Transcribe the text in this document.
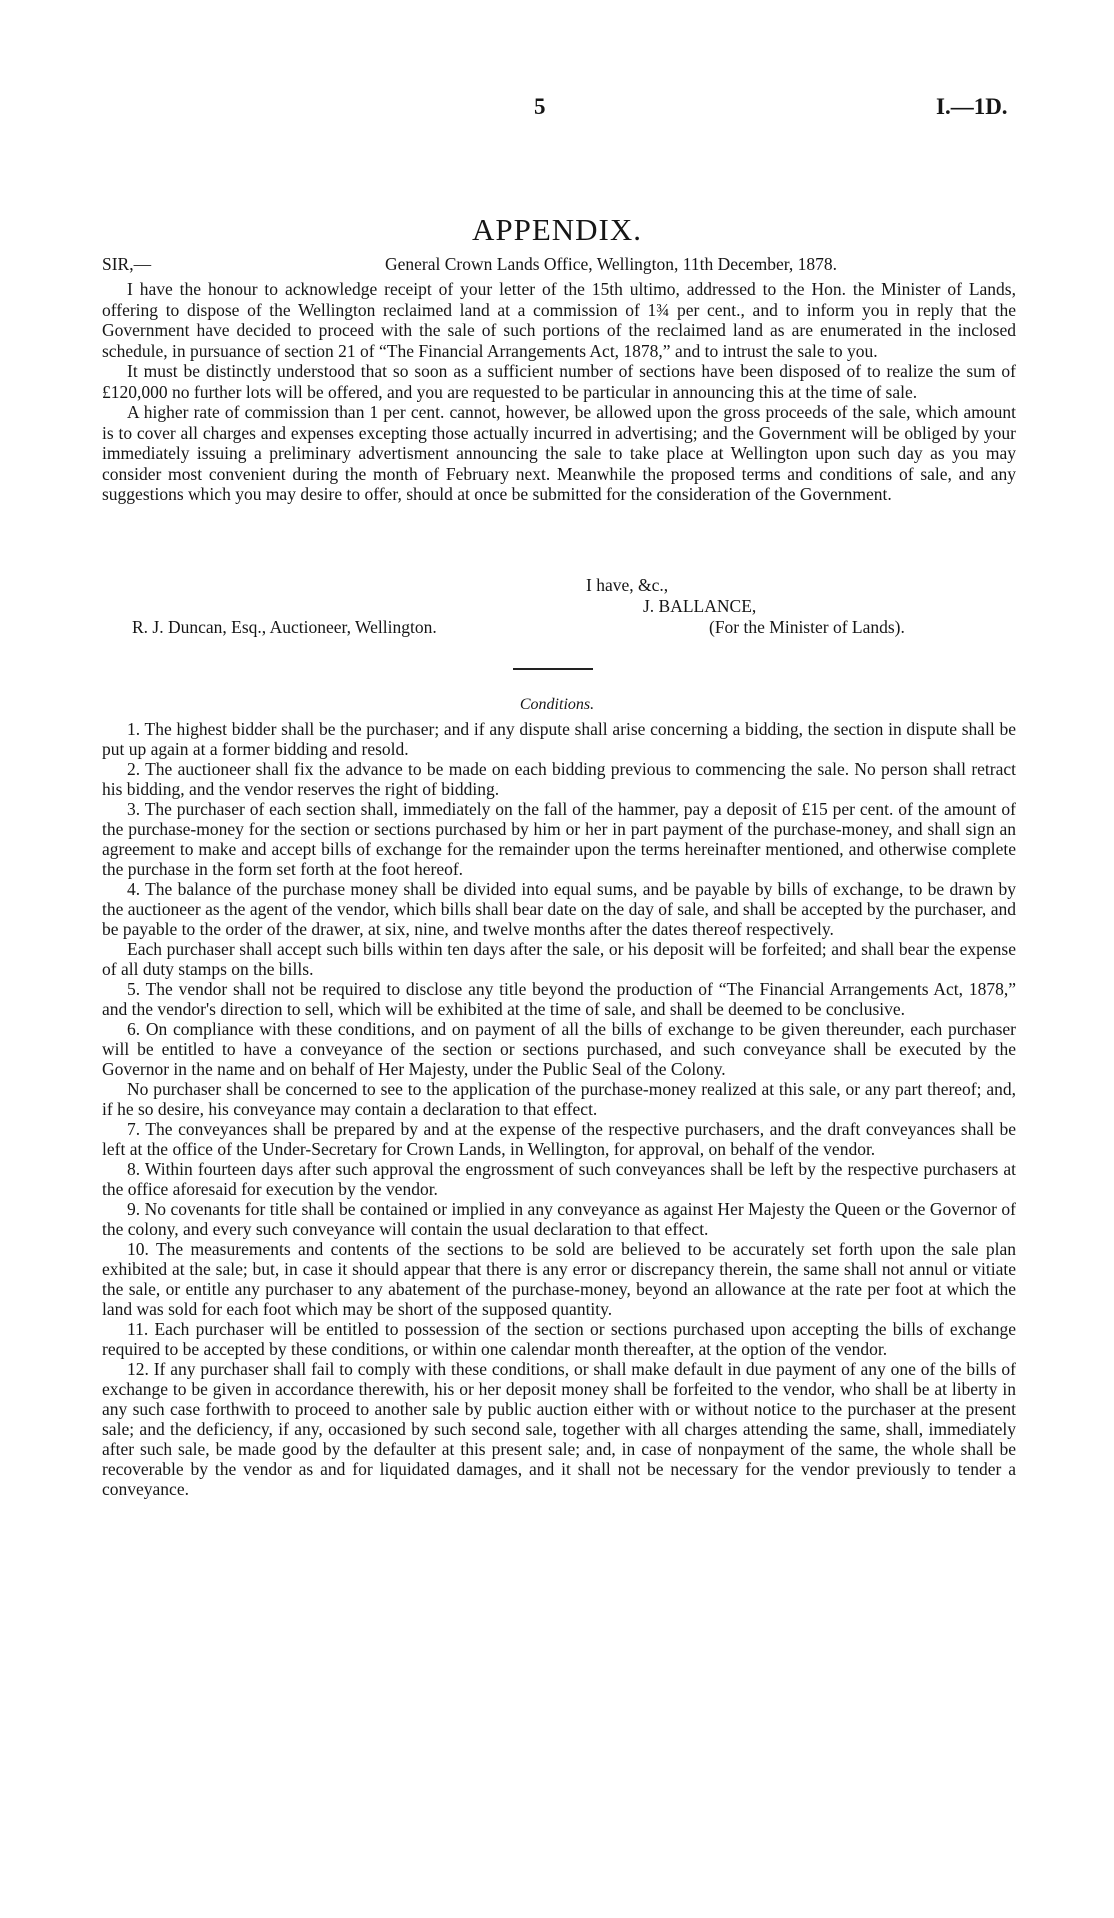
5	I.—1D.
APPENDIX.
SIR,—	General Crown Lands Office, Wellington, 11th December, 1878.

I have the honour to acknowledge receipt of your letter of the 15th ultimo, addressed to the Hon. the Minister of Lands, offering to dispose of the Wellington reclaimed land at a commission of 1¾ per cent., and to inform you in reply that the Government have decided to proceed with the sale of such portions of the reclaimed land as are enumerated in the inclosed schedule, in pursuance of section 21 of “The Financial Arrangements Act, 1878,” and to intrust the sale to you.

It must be distinctly understood that so soon as a sufficient number of sections have been disposed of to realize the sum of £120,000 no further lots will be offered, and you are requested to be particular in announcing this at the time of sale.

A higher rate of commission than 1 per cent. cannot, however, be allowed upon the gross proceeds of the sale, which amount is to cover all charges and expenses excepting those actually incurred in advertising; and the Government will be obliged by your immediately issuing a preliminary advertisment announcing the sale to take place at Wellington upon such day as you may consider most convenient during the month of February next. Meanwhile the proposed terms and conditions of sale, and any suggestions which you may desire to offer, should at once be submitted for the consideration of the Government.

I have, &c.,
J. BALLANCE,
R. J. Duncan, Esq., Auctioneer, Wellington.	(For the Minister of Lands).
Conditions.

1. The highest bidder shall be the purchaser; and if any dispute shall arise concerning a bidding, the section in dispute shall be put up again at a former bidding and resold.

2. The auctioneer shall fix the advance to be made on each bidding previous to commencing the sale. No person shall retract his bidding, and the vendor reserves the right of bidding.

3. The purchaser of each section shall, immediately on the fall of the hammer, pay a deposit of £15 per cent. of the amount of the purchase-money for the section or sections purchased by him or her in part payment of the purchase-money, and shall sign an agreement to make and accept bills of exchange for the remainder upon the terms hereinafter mentioned, and otherwise complete the purchase in the form set forth at the foot hereof.

4. The balance of the purchase money shall be divided into equal sums, and be payable by bills of exchange, to be drawn by the auctioneer as the agent of the vendor, which bills shall bear date on the day of sale, and shall be accepted by the purchaser, and be payable to the order of the drawer, at six, nine, and twelve months after the dates thereof respectively.

Each purchaser shall accept such bills within ten days after the sale, or his deposit will be forfeited; and shall bear the expense of all duty stamps on the bills.

5. The vendor shall not be required to disclose any title beyond the production of “The Financial Arrangements Act, 1878,” and the vendor's direction to sell, which will be exhibited at the time of sale, and shall be deemed to be conclusive.

6. On compliance with these conditions, and on payment of all the bills of exchange to be given thereunder, each purchaser will be entitled to have a conveyance of the section or sections purchased, and such conveyance shall be executed by the Governor in the name and on behalf of Her Majesty, under the Public Seal of the Colony.

No purchaser shall be concerned to see to the application of the purchase-money realized at this sale, or any part thereof; and, if he so desire, his conveyance may contain a declaration to that effect.

7. The conveyances shall be prepared by and at the expense of the respective purchasers, and the draft conveyances shall be left at the office of the Under-Secretary for Crown Lands, in Wellington, for approval, on behalf of the vendor.

8. Within fourteen days after such approval the engrossment of such conveyances shall be left by the respective purchasers at the office aforesaid for execution by the vendor.

9. No covenants for title shall be contained or implied in any conveyance as against Her Majesty the Queen or the Governor of the colony, and every such conveyance will contain the usual declaration to that effect.

10. The measurements and contents of the sections to be sold are believed to be accurately set forth upon the sale plan exhibited at the sale; but, in case it should appear that there is any error or discrepancy therein, the same shall not annul or vitiate the sale, or entitle any purchaser to any abatement of the purchase-money, beyond an allowance at the rate per foot at which the land was sold for each foot which may be short of the supposed quantity.

11. Each purchaser will be entitled to possession of the section or sections purchased upon accepting the bills of exchange required to be accepted by these conditions, or within one calendar month thereafter, at the option of the vendor.

12. If any purchaser shall fail to comply with these conditions, or shall make default in due payment of any one of the bills of exchange to be given in accordance therewith, his or her deposit money shall be forfeited to the vendor, who shall be at liberty in any such case forthwith to proceed to another sale by public auction either with or without notice to the purchaser at the present sale; and the deficiency, if any, occasioned by such second sale, together with all charges attending the same, shall, immediately after such sale, be made good by the defaulter at this present sale; and, in case of nonpayment of the same, the whole shall be recoverable by the vendor as and for liquidated damages, and it shall not be necessary for the vendor previously to tender a conveyance.
